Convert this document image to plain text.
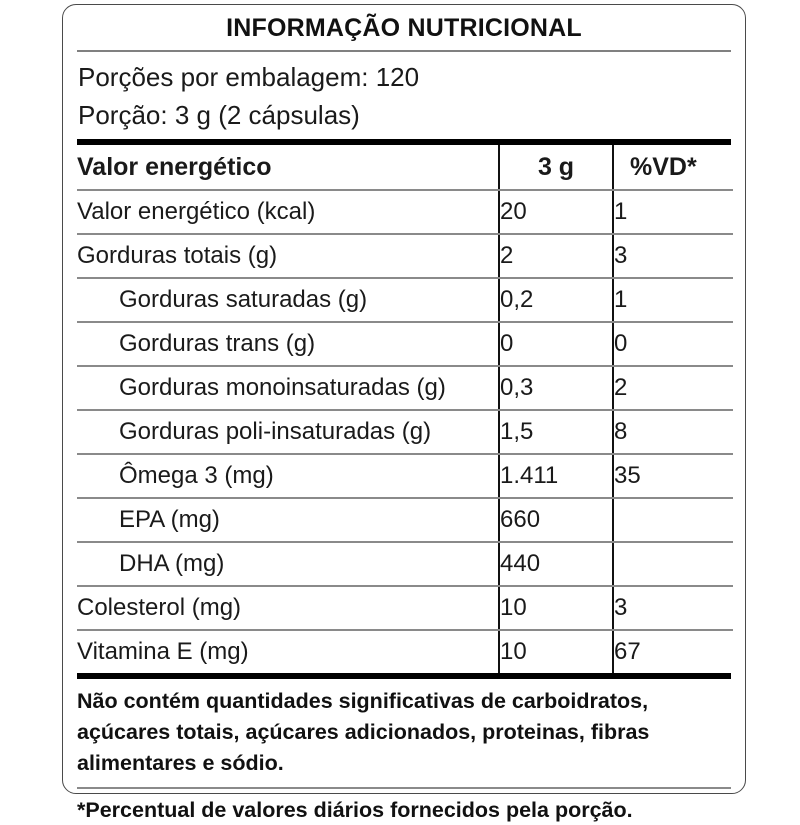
INFORMAÇÃO NUTRICIONAL
Porções por embalagem: 120
Porção: 3 g (2 cápsulas)
Valor energético	3 g	%VD*

Valor energético (kcal)	20	1

Gorduras totais (g)	2	3

Gorduras saturadas (g)	0,2	1

Gorduras trans (g)	0	0

Gorduras monoinsaturadas (g)	0,3	2

Gorduras poli-insaturadas (g)	1,5	8

Ômega 3 (mg)	1.411	35

EPA (mg)	660	

DHA (mg)	440	

Colesterol (mg)	10	3

Vitamina E (mg)	10	67
Não contém quantidades significativas de carboidratos,
açúcares totais, açúcares adicionados, proteinas, fibras
alimentares e sódio.
*Percentual de valores diários fornecidos pela porção.
